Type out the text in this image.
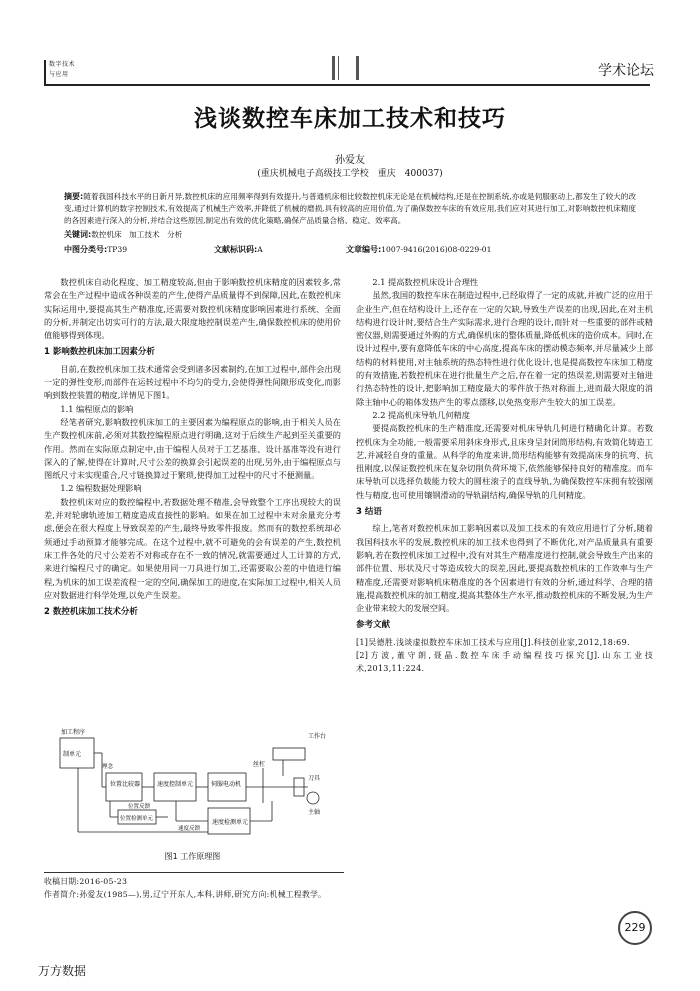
数字技术
与应用	学术论坛
浅谈数控车床加工技术和技巧
孙爱友
(重庆机械电子高级技工学校　重庆　400037)
摘要:随着我国科技水平的日新月异,数控机床的应用频率得到有效提升,与普通机床相比较数控机床无论是在机械结构,还是在控制系统,亦或是伺服驱动上,都发生了较大的改变,通过计算机的数字控制技术,有效提高了机械生产效率,并降低了机械的磨损,具有较高的应用价值,为了确保数控车床的有效应用,我们应对其进行加工,对影响数控机床精度的各因素进行深入的分析,并结合这些原因,制定出有效的优化策略,确保产品质量合格、稳定、效率高。
关键词:数控机床　加工技术　分析
中图分类号:TP39	文献标识码:A	文章编号:1007-9416(2016)08-0229-01

数控机床自动化程度、加工精度较高,但由于影响数控机床精度的因素较多,常常会在生产过程中造成各种误差的产生,使得产品质量得不到保障,因此,在数控机床实际运用中,要提高其生产精准度,还需要对数控机床精度影响因素进行系统、全面的分析,并制定出切实可行的方法,最大限度地控制误差产生,确保数控机床的使用价值能够得到体现。

1 影响数控机床加工因素分析

目前,在数控机床加工技术通常会受到诸多因素制约,在加工过程中,部件会出现一定的弹性变形,而部件在运转过程中不均匀的受力,会使得弹性间隙形成变化,而影响到数控装置的精度,详情见下图1。

1.1 编程原点的影响

经笔者研究,影响数控机床加工的主要因素为编程原点的影响,由于相关人员在生产数控机床前,必须对其数控编程原点进行明确,这对于后续生产起到至关重要的作用。然而在实际原点制定中,由于编程人员对于工艺基准、设计基准等没有进行深入的了解,使得在计算时,尺寸公差的换算会引起误差的出现,另外,由于编程原点与图纸尺寸未实现重合,尺寸链换算过于繁琐,使得加工过程中的尺寸不便测量。

1.2 编程数据处理影响

数控机床对应的数控编程中,若数据处理不精准,会导致整个工序出现较大的误差,并对轮廓轨迹加工精度造成直接性的影响。如果在加工过程中未对余量充分考虑,便会在很大程度上导致误差的产生,最终导致零件报废。然而有的数控系统却必须通过手动预算才能够完成。在这个过程中,就不可避免的会有误差的产生,数控机床工件各处的尺寸公差若不对称或存在不一致的情况,就需要通过人工计算的方式,来进行编程尺寸的确定。如果使用同一刀具进行加工,还需要取公差的中值进行编程,为机床的加工误差流程一定的空间,确保加工的进度,在实际加工过程中,相关人员应对数据进行科学处理,以免产生误差。

2 数控机床加工技术分析

加工程序
制单元
理念
位置比较器	速度控制单元	伺服电动机
速度检测单元
位置检测单元
工作台
丝杠
刀具
主轴
位置反馈
速度反馈
图1 工作原理图

2.1 提高数控机床设计合理性

虽然,我国的数控车床在制造过程中,已经取得了一定的成就,并被广泛的应用于企业生产,但在结构设计上,还存在一定的欠缺,导致生产误差的出现,因此,在对主机结构进行设计时,要结合生产实际需求,进行合理的设计,而针对一些重要的部件或精密仪器,则需要通过外购的方式,确保机床的整体质量,降低机床的造价成本。同时,在设计过程中,要有意降低车床的中心高度,提高车床的摆动模态频率,并尽量减少上部结构的材料使用,对主轴系统的热态特性进行优化设计,也是提高数控车床加工精度的有效措施,若数控机床在进行批量生产之后,存在着一定的热误差,则需要对主轴进行热态特性的设计,把影响加工精度最大的零件放于热对称面上,进而最大限度的消除主轴中心的箱体发热产生的零点漂移,以免热变形产生较大的加工误差。

2.2 提高机床导轨几何精度

要提高数控机床的生产精准度,还需要对机床导轨几何进行精确化计算。若数控机床为全功能,一般需要采用斜床身形式,且床身呈封闭筒形结构,有效简化铸造工艺,并减轻自身的重量。从科学的角度来讲,筒形结构能够有效提高床身的抗弯、抗扭刚度,以保证数控机床在复杂切削负荷环境下,依然能够保持良好的精准度。而车床导轨可以选择负载能力较大的圆柱滚子的直线导轨,为确保数控车床拥有较强刚性与精度,也可使用镶钢滑动的导轨副结构,确保导轨的几何精度。

3 结语

综上,笔者对数控机床加工影响因素以及加工技术的有效应用进行了分析,随着我国科技水平的发展,数控机床的加工技术也得到了不断优化,对产品质量具有重要影响,若在数控机床加工过程中,没有对其生产精准度进行控制,就会导致生产出来的部件位置、形状及尺寸等造成较大的误差,因此,要提高数控机床的工作效率与生产精准度,还需要对影响机床精准度的各个因素进行有效的分析,通过科学、合理的措施,提高数控机床的加工精度,提高其整体生产水平,推动数控机床的不断发展,为生产企业带来较大的发展空间。

参考文献

[1]吴德胜.浅谈虚拟数控车床加工技术与应用[J].科技创业家,2012,18:69.

[2]方波,董守朗,聂晶.数控车床手动编程技巧探究[J].山东工业技术,2013,11:224.

收稿日期:2016-05-23
作者简介:孙爱友(1985—),男,辽宁开东人,本科,讲师,研究方向:机械工程教学。
229
万方数据
